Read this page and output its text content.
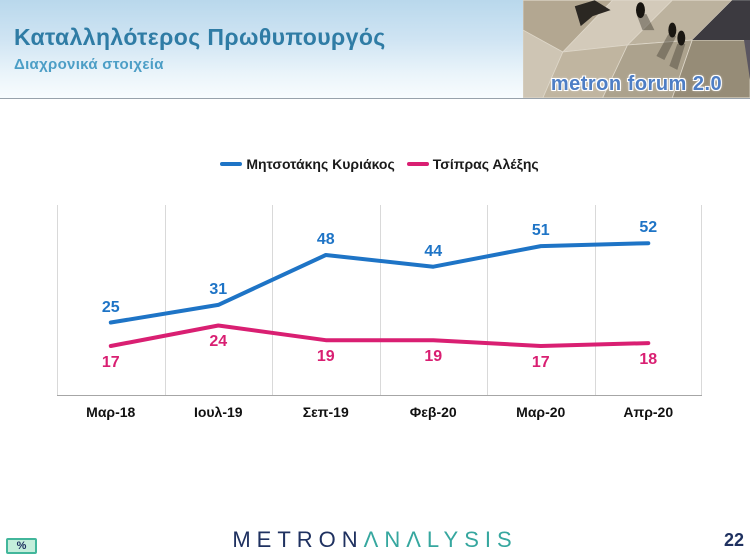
Καταλληλότερος Πρωθυπουργός
Διαχρονικά στοιχεία
metron forum 2.0
Μητσοτάκης Κυριάκος	Τσίπρας Αλέξης
25
31
48
44
51	52
17
24
19	19	17	18
Μαρ-18	Ιουλ-19	Σεπ-19	Φεβ-20	Μαρ-20	Απρ-20
%	METRONΛNΛLYSIS	22
